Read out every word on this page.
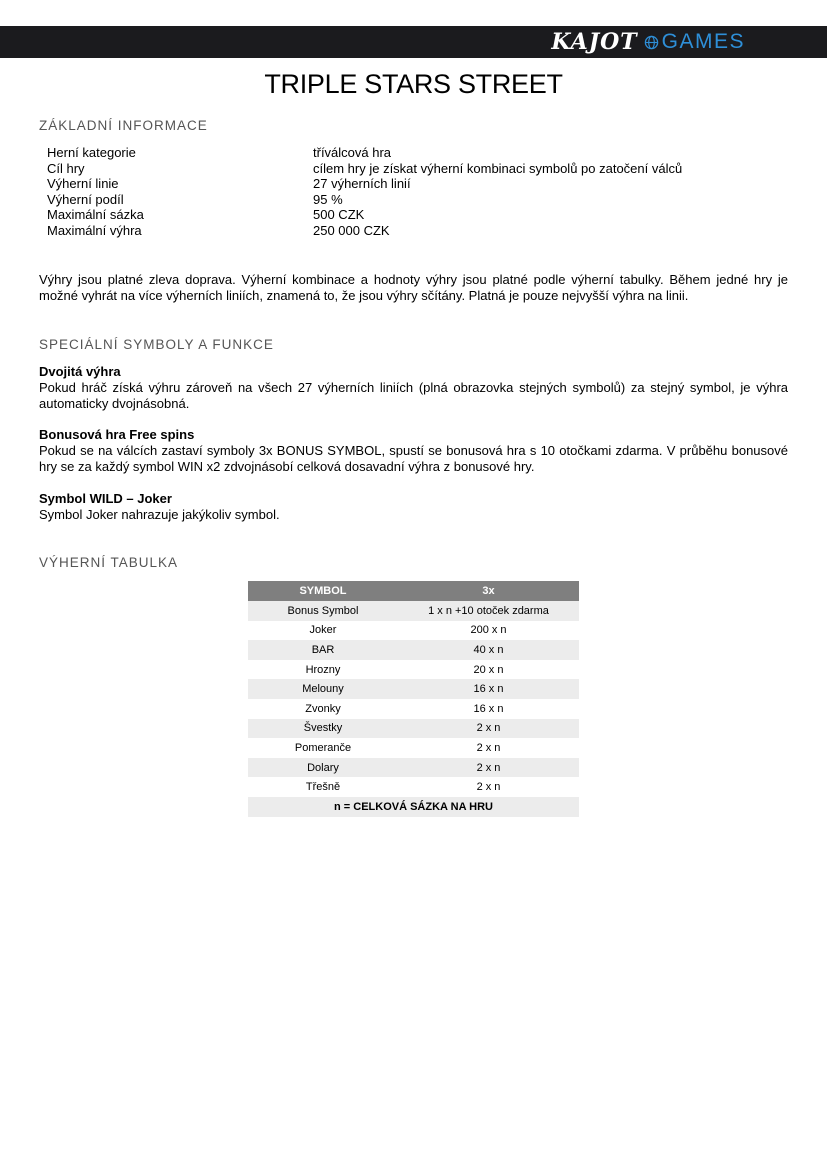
KAJOT GAMES
TRIPLE STARS STREET
ZÁKLADNÍ INFORMACE
Herní kategorie	tříválcová hra
Cíl hry	cílem hry je získat výherní kombinaci symbolů po zatočení válců
Výherní linie	27 výherních linií
Výherní podíl	95 %
Maximální sázka	500 CZK
Maximální výhra	250 000 CZK

Výhry jsou platné zleva doprava. Výherní kombinace a hodnoty výhry jsou platné podle výherní tabulky. Během jedné hry je možné vyhrát na více výherních liniích, znamená to, že jsou výhry sčítány. Platná je pouze nejvyšší výhra na linii.

SPECIÁLNÍ SYMBOLY A FUNKCE

Dvojitá výhra

Pokud hráč získá výhru zároveň na všech 27 výherních liniích (plná obrazovka stejných symbolů) za stejný symbol, je výhra automaticky dvojnásobná.

Bonusová hra Free spins

Pokud se na válcích zastaví symboly 3x BONUS SYMBOL, spustí se bonusová hra s 10 otočkami zdarma. V průběhu bonusové hry se za každý symbol WIN x2 zdvojnásobí celková dosavadní výhra z bonusové hry.

Symbol WILD – Joker

Symbol Joker nahrazuje jakýkoliv symbol.

VÝHERNÍ TABULKA
SYMBOL	3x
Bonus Symbol	1 x n +10 otoček zdarma
Joker	200 x n
BAR	40 x n
Hrozny	20 x n
Melouny	16 x n
Zvonky	16 x n
Švestky	2 x n
Pomeranče	2 x n
Dolary	2 x n
Třešně	2 x n
n = CELKOVÁ SÁZKA NA HRU	
